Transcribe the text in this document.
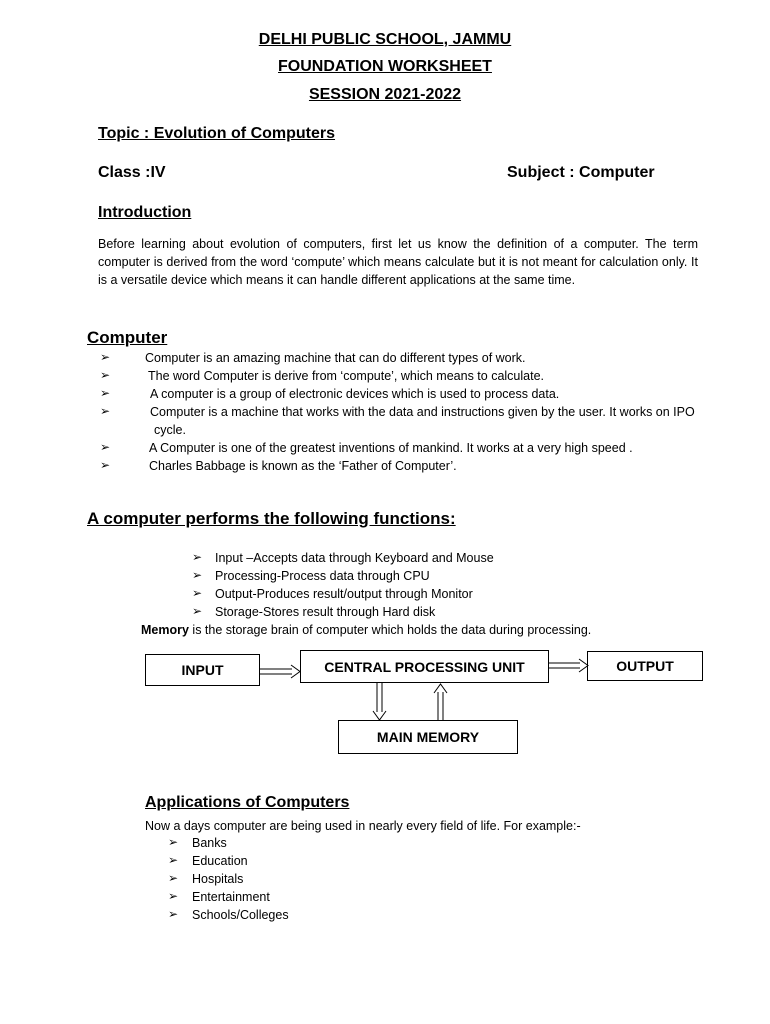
DELHI PUBLIC SCHOOL, JAMMU
FOUNDATION WORKSHEET
SESSION 2021-2022
Topic : Evolution of Computers
Class :IV	Subject : Computer
Introduction
Before learning about evolution of computers, first let us know the definition of a computer. The term computer is derived from the word ‘compute’ which means calculate but it is not meant for calculation only. It is a versatile device which means it can handle different applications at the same time.
Computer
➢	Computer is an amazing machine that can do different types of work.
➢	The word Computer is derive from ‘compute’, which means to calculate.
➢	A computer is a group of electronic devices which is used to process data.
➢	Computer is a machine that works with the data and instructions given by the user. It works on IPO cycle.
➢	A Computer is one of the greatest inventions of mankind. It works at a very high speed .
➢	Charles Babbage is known as the ‘Father of Computer’.
A computer performs the following functions:
➢ Input –Accepts data through Keyboard and Mouse
➢ Processing-Process data through CPU
➢ Output-Produces result/output through Monitor
➢ Storage-Stores result through Hard disk
Memory is the storage brain of computer which holds the data during processing.
INPUT	CENTRAL PROCESSING UNIT	OUTPUT
MAIN MEMORY
Applications of Computers
Now a days computer are being used in nearly every field of life. For example:-
➢ Banks
➢ Education
➢ Hospitals
➢ Entertainment
➢ Schools/Colleges
